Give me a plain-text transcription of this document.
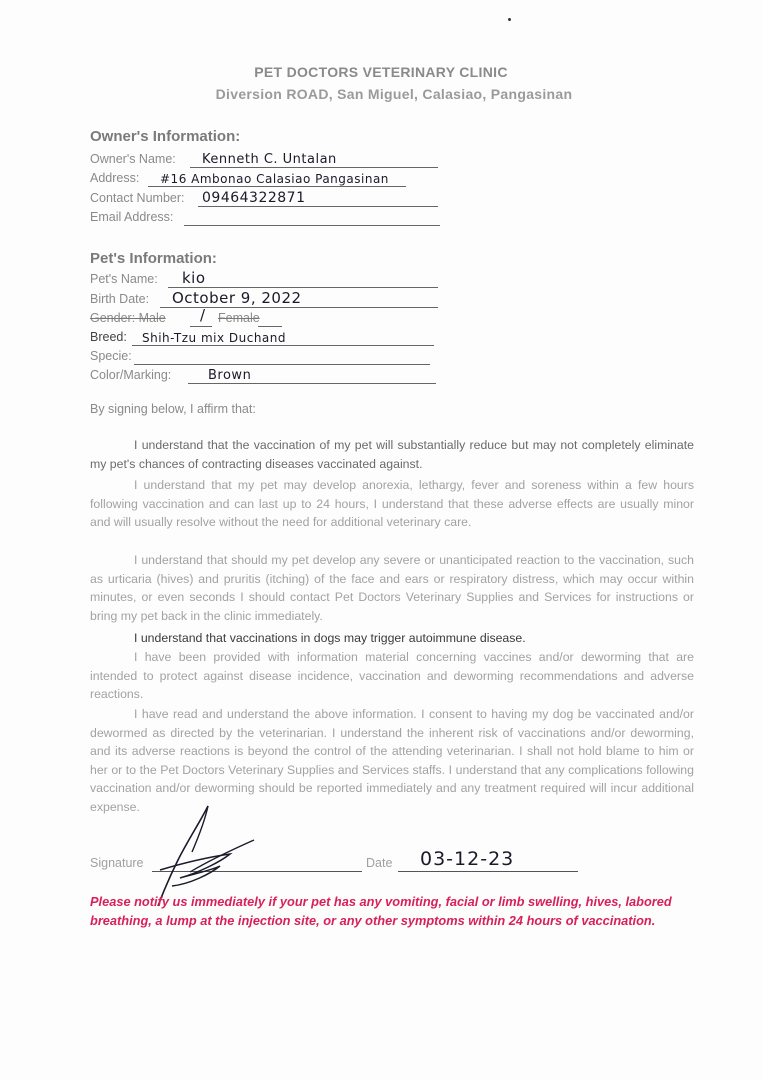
PET DOCTORS VETERINARY CLINIC
Diversion ROAD, San Miguel, Calasiao, Pangasinan
Owner's Information:
Owner's Name: Kenneth C. Untalan
Address: #16 Ambonao Calasiao Pangasinan
Contact Number: 09464322871
Email Address:
Pet's Information:
Pet's Name: kio
Birth Date: October 9, 2022
Gender: Male / Female
Breed: Shih-Tzu mix Duchand
Specie:
Color/Marking:	Brown
By signing below, I affirm that:

I understand that the vaccination of my pet will substantially reduce but may not completely eliminate my pet's chances of contracting diseases vaccinated against.

I understand that my pet may develop anorexia, lethargy, fever and soreness within a few hours following vaccination and can last up to 24 hours, I understand that these adverse effects are usually minor and will usually resolve without the need for additional veterinary care.

I understand that should my pet develop any severe or unanticipated reaction to the vaccination, such as urticaria (hives) and pruritis (itching) of the face and ears or respiratory distress, which may occur within minutes, or even seconds I should contact Pet Doctors Veterinary Supplies and Services for instructions or bring my pet back in the clinic immediately.

I understand that vaccinations in dogs may trigger autoimmune disease.

I have been provided with information material concerning vaccines and/or deworming that are intended to protect against disease incidence, vaccination and deworming recommendations and adverse reactions.

I have read and understand the above information. I consent to having my dog be vaccinated and/or dewormed as directed by the veterinarian. I understand the inherent risk of vaccinations and/or deworming, and its adverse reactions is beyond the control of the attending veterinarian. I shall not hold blame to him or her or to the Pet Doctors Veterinary Supplies and Services staffs. I understand that any complications following vaccination and/or deworming should be reported immediately and any treatment required will incur additional expense.

Signature	Date 03-12-23
Please notify us immediately if your pet has any vomiting, facial or limb swelling, hives, labored breathing, a lump at the injection site, or any other symptoms within 24 hours of vaccination.
